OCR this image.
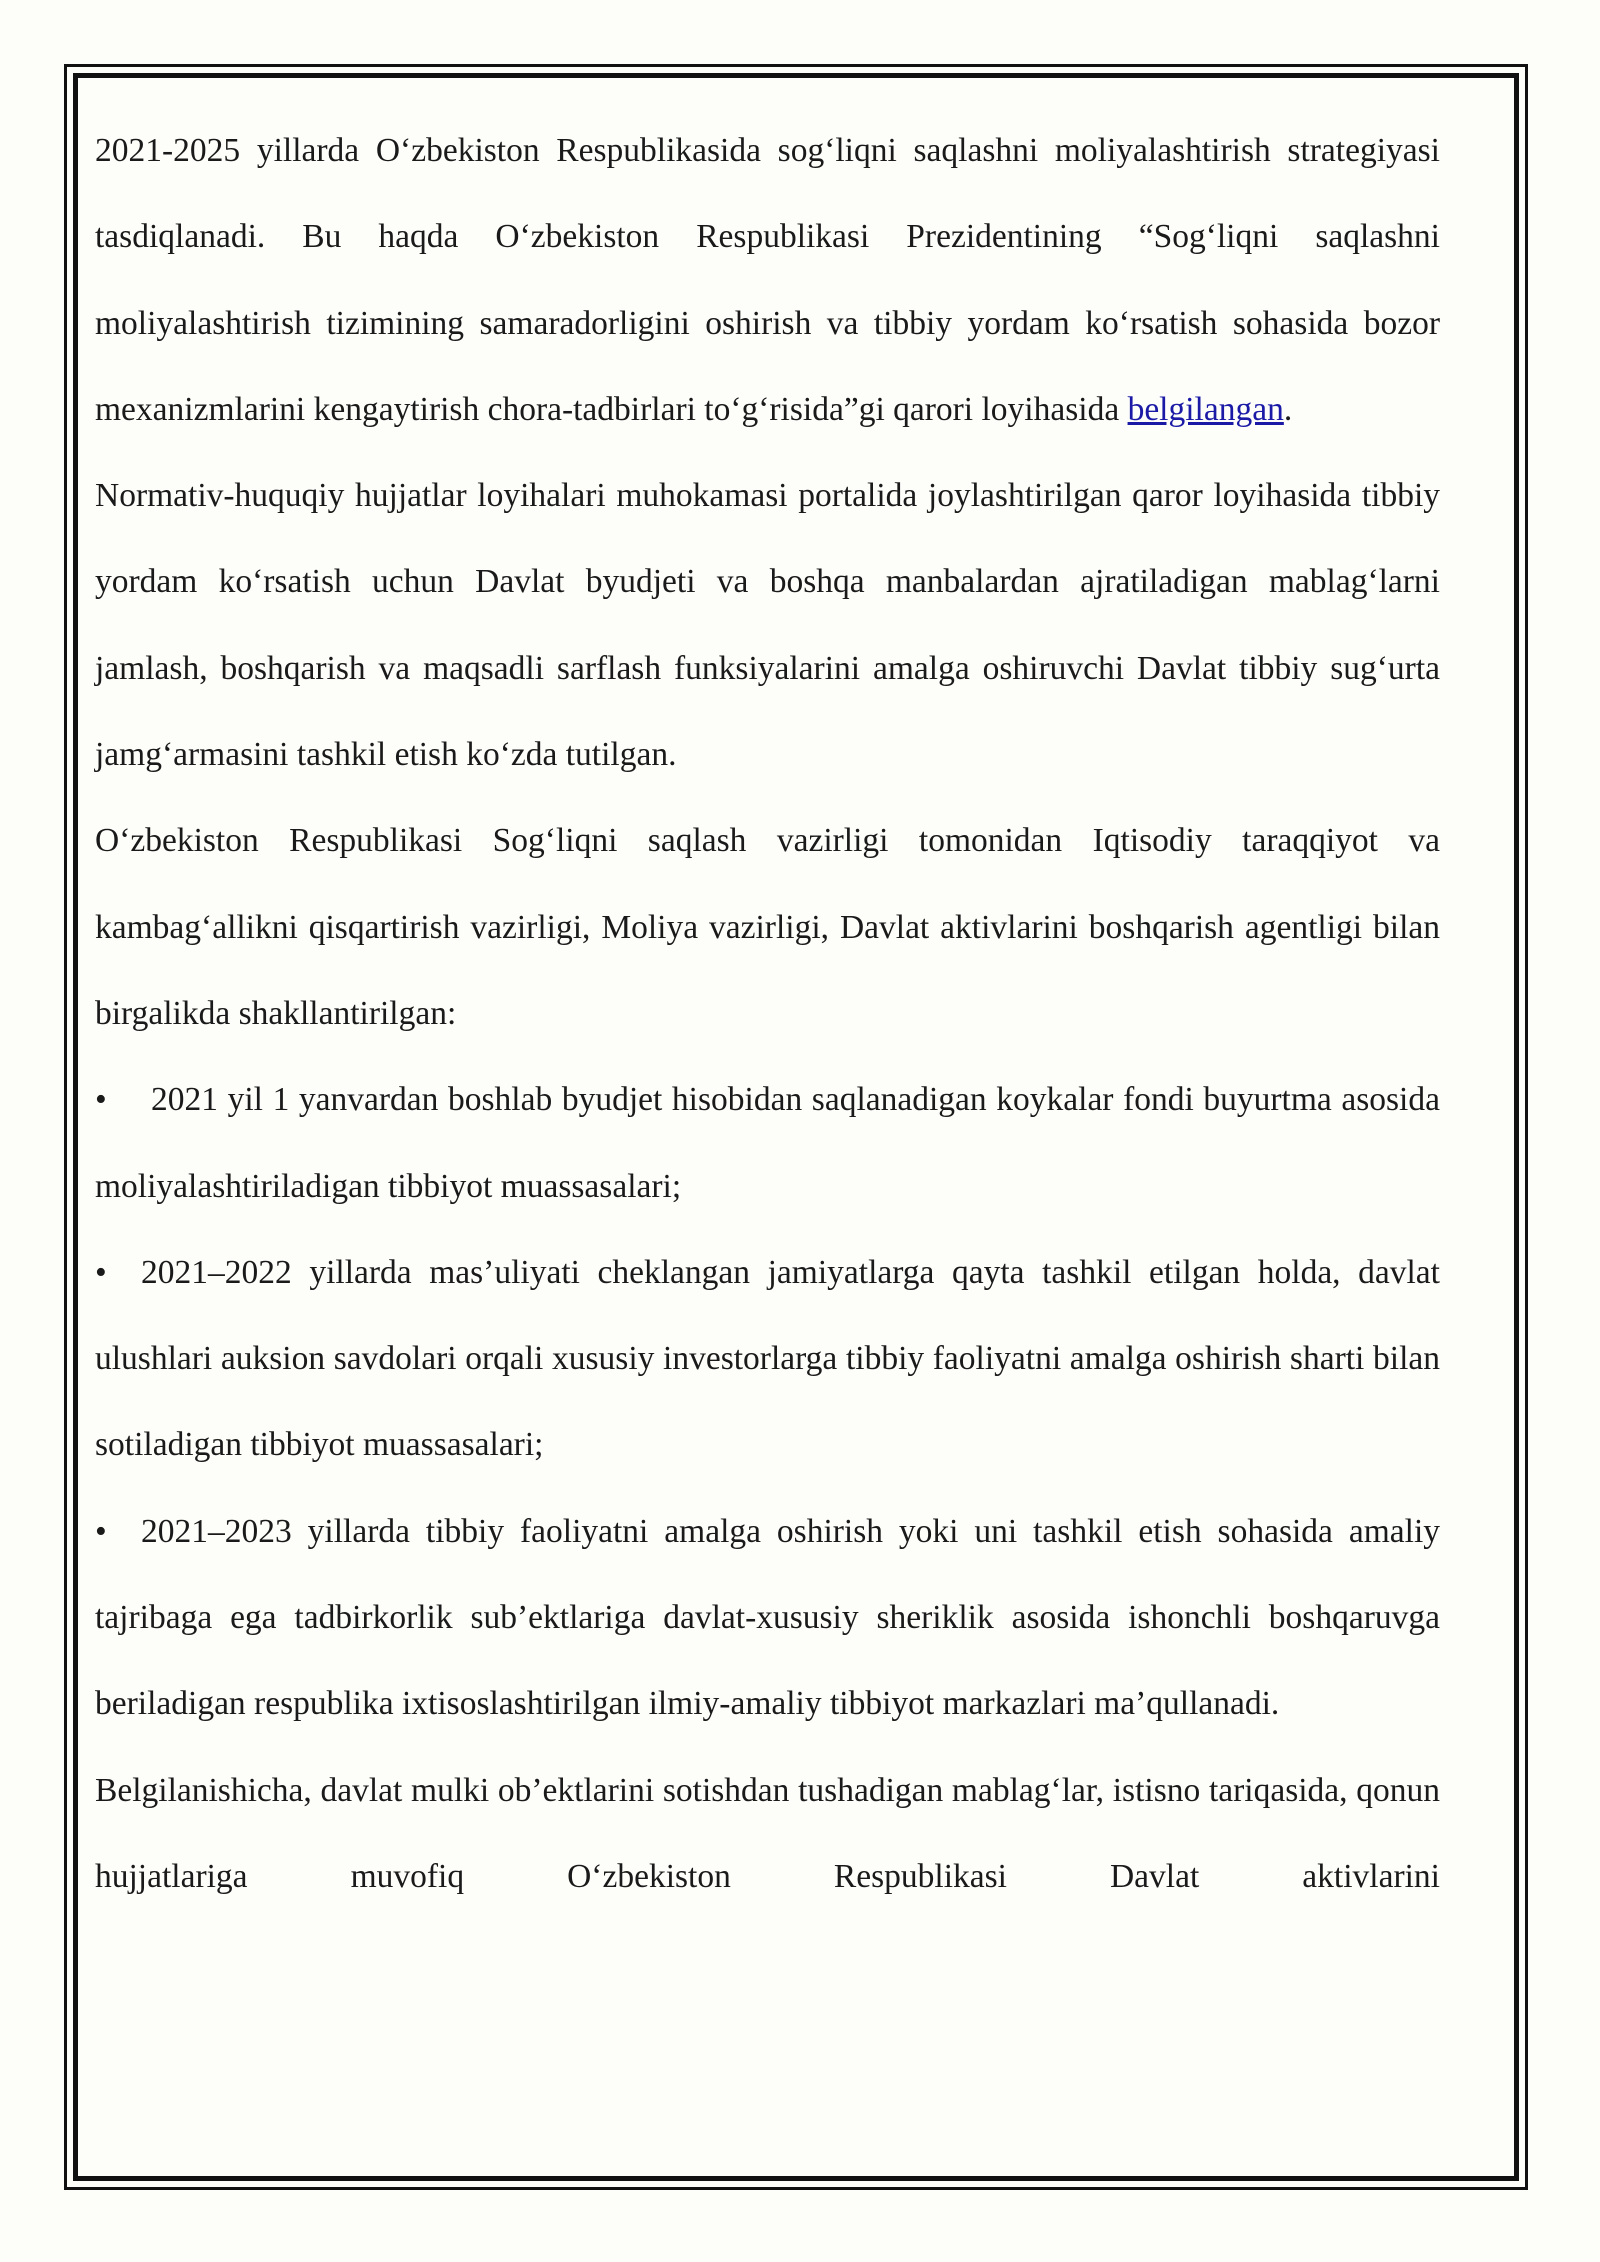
2021-2025 yillarda O‘zbekiston Respublikasida sog‘liqni saqlashni moliyalashtirish strategiyasi tasdiqlanadi. Bu haqda O‘zbekiston Respublikasi Prezidentining “Sog‘liqni saqlashni moliyalashtirish tizimining samaradorligini oshirish va tibbiy yordam ko‘rsatish sohasida bozor mexanizmlarini kengaytirish chora-tadbirlari to‘g‘risida”gi qarori loyihasida belgilangan.

Normativ-huquqiy hujjatlar loyihalari muhokamasi portalida joylashtirilgan qaror loyihasida tibbiy yordam ko‘rsatish uchun Davlat byudjeti va boshqa manbalardan ajratiladigan mablag‘larni jamlash, boshqarish va maqsadli sarflash funksiyalarini amalga oshiruvchi Davlat tibbiy sug‘urta jamg‘armasini tashkil etish ko‘zda tutilgan.

O‘zbekiston Respublikasi Sog‘liqni saqlash vazirligi tomonidan Iqtisodiy taraqqiyot va kambag‘allikni qisqartirish vazirligi, Moliya vazirligi, Davlat aktivlarini boshqarish agentligi bilan birgalikda shakllantirilgan:

• 2021 yil 1 yanvardan boshlab byudjet hisobidan saqlanadigan koykalar fondi buyurtma asosida moliyalashtiriladigan tibbiyot muassasalari;

• 2021–2022 yillarda mas’uliyati cheklangan jamiyatlarga qayta tashkil etilgan holda, davlat ulushlari auksion savdolari orqali xususiy investorlarga tibbiy faoliyatni amalga oshirish sharti bilan sotiladigan tibbiyot muassasalari;

• 2021–2023 yillarda tibbiy faoliyatni amalga oshirish yoki uni tashkil etish sohasida amaliy tajribaga ega tadbirkorlik sub’ektlariga davlat-xususiy sheriklik asosida ishonchli boshqaruvga beriladigan respublika ixtisoslashtirilgan ilmiy-amaliy tibbiyot markazlari ma’qullanadi.

Belgilanishicha, davlat mulki ob’ektlarini sotishdan tushadigan mablag‘lar, istisno tariqasida, qonun hujjatlariga muvofiq O‘zbekiston Respublikasi Davlat aktivlarini
